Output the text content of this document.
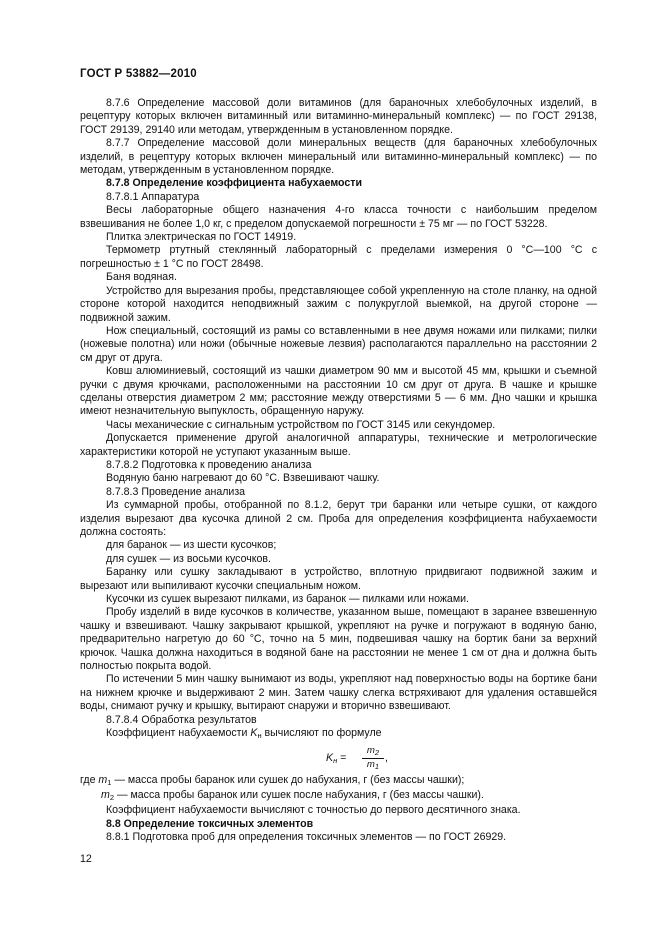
ГОСТ Р 53882—2010

8.7.6 Определение массовой доли витаминов (для бараночных хлебобулочных изделий, в рецептуру которых включен витаминный или витаминно-минеральный комплекс) — по ГОСТ 29138, ГОСТ 29139, 29140 или методам, утвержденным в установленном порядке.

8.7.7 Определение массовой доли минеральных веществ (для бараночных хлебобулочных изделий, в рецептуру которых включен минеральный или витаминно-минеральный комплекс) — по методам, утвержденным в установленном порядке.

8.7.8 Определение коэффициента набухаемости

8.7.8.1 Аппаратура

Весы лабораторные общего назначения 4-го класса точности с наибольшим пределом взвешивания не более 1,0 кг, с пределом допускаемой погрешности ± 75 мг — по ГОСТ 53228.

Плитка электрическая по ГОСТ 14919.

Термометр ртутный стеклянный лабораторный с пределами измерения 0 °С—100 °С с погрешностью ± 1 °С по ГОСТ 28498.

Баня водяная.

Устройство для вырезания пробы, представляющее собой укрепленную на столе планку, на одной стороне которой находится неподвижный зажим с полукруглой выемкой, на другой стороне — подвижной зажим.

Нож специальный, состоящий из рамы со вставленными в нее двумя ножами или пилками; пилки (ножевые полотна) или ножи (обычные ножевые лезвия) располагаются параллельно на расстоянии 2 см друг от друга.

Ковш алюминиевый, состоящий из чашки диаметром 90 мм и высотой 45 мм, крышки и съемной ручки с двумя крючками, расположенными на расстоянии 10 см друг от друга. В чашке и крышке сделаны отверстия диаметром 2 мм; расстояние между отверстиями 5 — 6 мм. Дно чашки и крышка имеют незначительную выпуклость, обращенную наружу.

Часы механические с сигнальным устройством по ГОСТ 3145 или секундомер.

Допускается применение другой аналогичной аппаратуры, технические и метрологические характеристики которой не уступают указанным выше.

8.7.8.2 Подготовка к проведению анализа

Водяную баню нагревают до 60 °С. Взвешивают чашку.

8.7.8.3 Проведение анализа

Из суммарной пробы, отобранной по 8.1.2, берут три баранки или четыре сушки, от каждого изделия вырезают два кусочка длиной 2 см. Проба для определения коэффициента набухаемости должна состоять:

для баранок — из шести кусочков;

для сушек — из восьми кусочков.

Баранку или сушку закладывают в устройство, вплотную придвигают подвижной зажим и вырезают или выпиливают кусочки специальным ножом.

Кусочки из сушек вырезают пилками, из баранок — пилками или ножами.

Пробу изделий в виде кусочков в количестве, указанном выше, помещают в заранее взвешенную чашку и взвешивают. Чашку закрывают крышкой, укрепляют на ручке и погружают в водяную баню, предварительно нагретую до 60 °С, точно на 5 мин, подвешивая чашку на бортик бани за верхний крючок. Чашка должна находиться в водяной бане на расстоянии не менее 1 см от дна и должна быть полностью покрыта водой.

По истечении 5 мин чашку вынимают из воды, укрепляют над поверхностью воды на бортике бани на нижнем крючке и выдерживают 2 мин. Затем чашку слегка встряхивают для удаления оставшейся воды, снимают ручку и крышку, вытирают снаружи и вторично взвешивают.

8.7.8.4 Обработка результатов

Коэффициент набухаемости $K_н$ вычисляют по формуле

$K_н = \frac{m_2}{m_1}$ ,

где $m_1$ — масса пробы баранок или сушек до набухания, г (без массы чашки);

$m_2$ — масса пробы баранок или сушек после набухания, г (без массы чашки).

Коэффициент набухаемости вычисляют с точностью до первого десятичного знака.

8.8 Определение токсичных элементов

8.8.1 Подготовка проб для определения токсичных элементов — по ГОСТ 26929.

12
